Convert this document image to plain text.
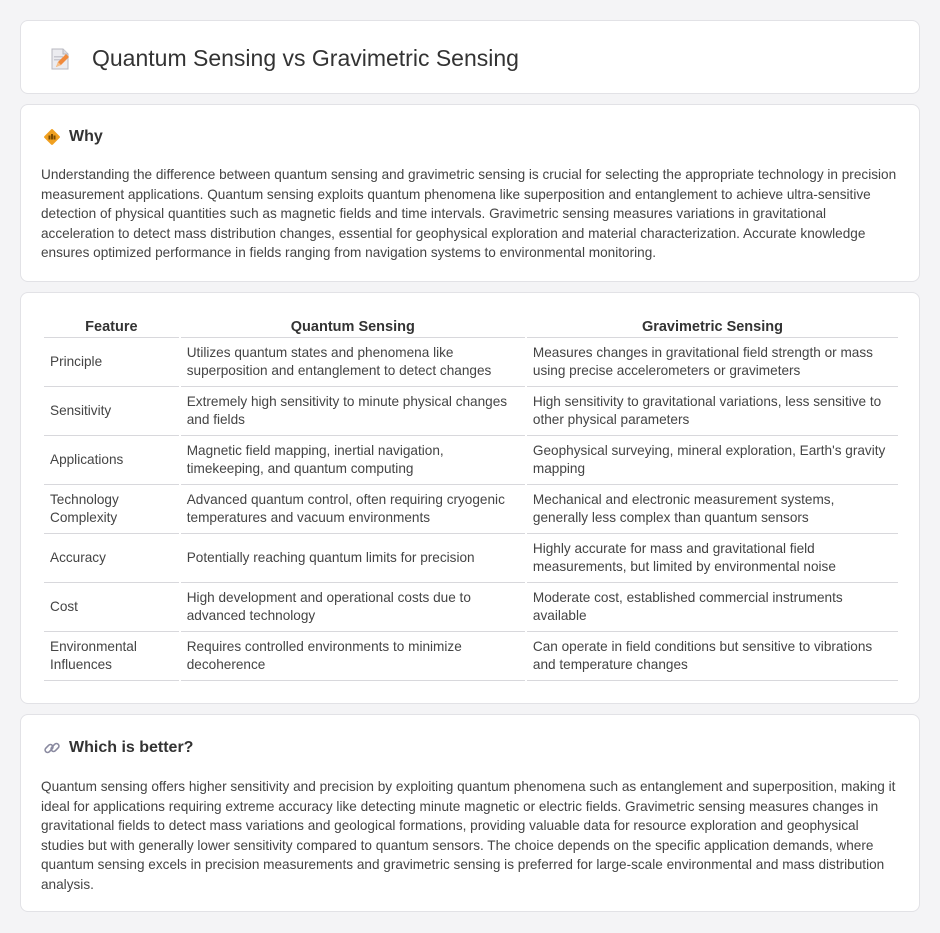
Quantum Sensing vs Gravimetric Sensing
Why

Understanding the difference between quantum sensing and gravimetric sensing is crucial for selecting the appropriate technology in precision measurement applications. Quantum sensing exploits quantum phenomena like superposition and entanglement to achieve ultra-sensitive detection of physical quantities such as magnetic fields and time intervals. Gravimetric sensing measures variations in gravitational acceleration to detect mass distribution changes, essential for geophysical exploration and material characterization. Accurate knowledge ensures optimized performance in fields ranging from navigation systems to environmental monitoring.

Feature	Quantum Sensing	Gravimetric Sensing
Principle	Utilizes quantum states and phenomena like superposition and entanglement to detect changes	Measures changes in gravitational field strength or mass using precise accelerometers or gravimeters
Sensitivity	Extremely high sensitivity to minute physical changes and fields	High sensitivity to gravitational variations, less sensitive to other physical parameters
Applications	Magnetic field mapping, inertial navigation, timekeeping, and quantum computing	Geophysical surveying, mineral exploration, Earth's gravity mapping
Technology Complexity	Advanced quantum control, often requiring cryogenic temperatures and vacuum environments	Mechanical and electronic measurement systems, generally less complex than quantum sensors
Accuracy	Potentially reaching quantum limits for precision	Highly accurate for mass and gravitational field measurements, but limited by environmental noise
Cost	High development and operational costs due to advanced technology	Moderate cost, established commercial instruments available
Environmental Influences	Requires controlled environments to minimize decoherence	Can operate in field conditions but sensitive to vibrations and temperature changes
Which is better?

Quantum sensing offers higher sensitivity and precision by exploiting quantum phenomena such as entanglement and superposition, making it ideal for applications requiring extreme accuracy like detecting minute magnetic or electric fields. Gravimetric sensing measures changes in gravitational fields to detect mass variations and geological formations, providing valuable data for resource exploration and geophysical studies but with generally lower sensitivity compared to quantum sensors. The choice depends on the specific application demands, where quantum sensing excels in precision measurements and gravimetric sensing is preferred for large-scale environmental and mass distribution analysis.
